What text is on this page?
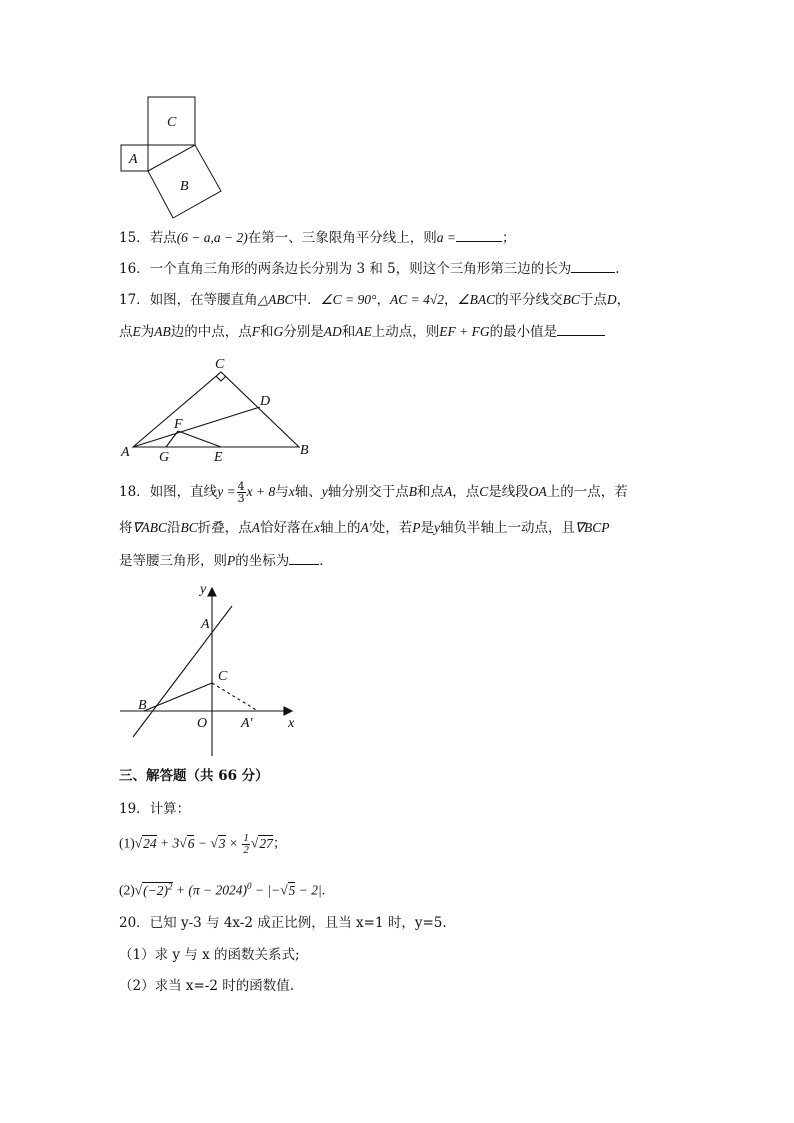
C
A
B
15．若点(6 − a,a − 2)在第一、三象限角平分线上，则a =	；
16．一个直角三角形的两条边长分别为 3 和 5，则这个三角形第三边的长为	.
17．如图，在等腰直角△ABC中．∠C = 90°，AC = 4√2，∠BAC的平分线交BC于点D，
点E为AB边的中点，点F和G分别是AD和AE上动点，则EF + FG的最小值是
C
D
F
A	B
G	E
18．如图，直线$y = \frac{4}{3}$ x + 8与x轴、y轴分别交于点B和点A，点C是线段OA上的一点，若
将∇ABC沿BC折叠，点A恰好落在x轴上的A′处，若P是y轴负半轴上一动点，且∇BCP
是等腰三角形，则P的坐标为 ．
y
A
C
B
O A′	x
三、解答题（共 66 分）
19．计算：
$(1)√24 + 3√6 - √3 \times \frac{1}{2} √27$；
$(2)√(-2)^2 + (\pi - 2024)^0 - |-√5 - 2|$.
20．已知 y-3 与 4x-2 成正比例，且当 x=1 时，y=5.
（1）求 y 与 x 的函数关系式;
（2）求当 x=-2 时的函数值.
